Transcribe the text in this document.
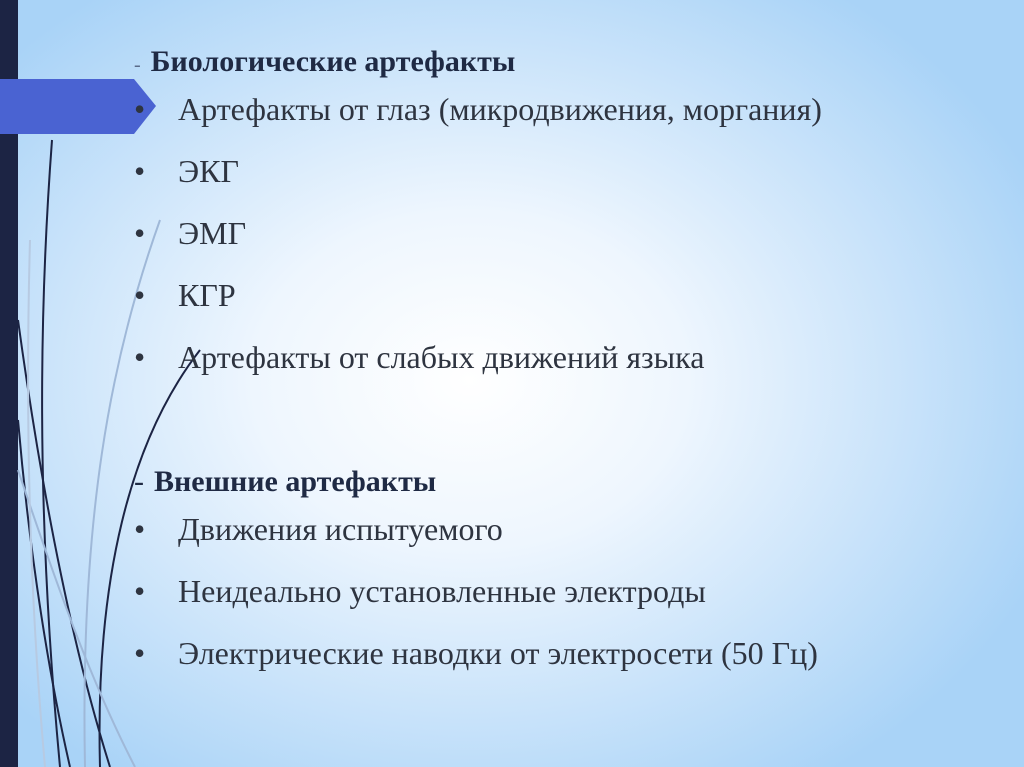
- Биологические артефакты
• Артефакты от глаз (микродвижения, моргания)
• ЭКГ
• ЭМГ
• КГР
• Артефакты от слабых движений языка
- Внешние артефакты
• Движения испытуемого
• Неидеально установленные электроды
• Электрические наводки от электросети (50 Гц)
